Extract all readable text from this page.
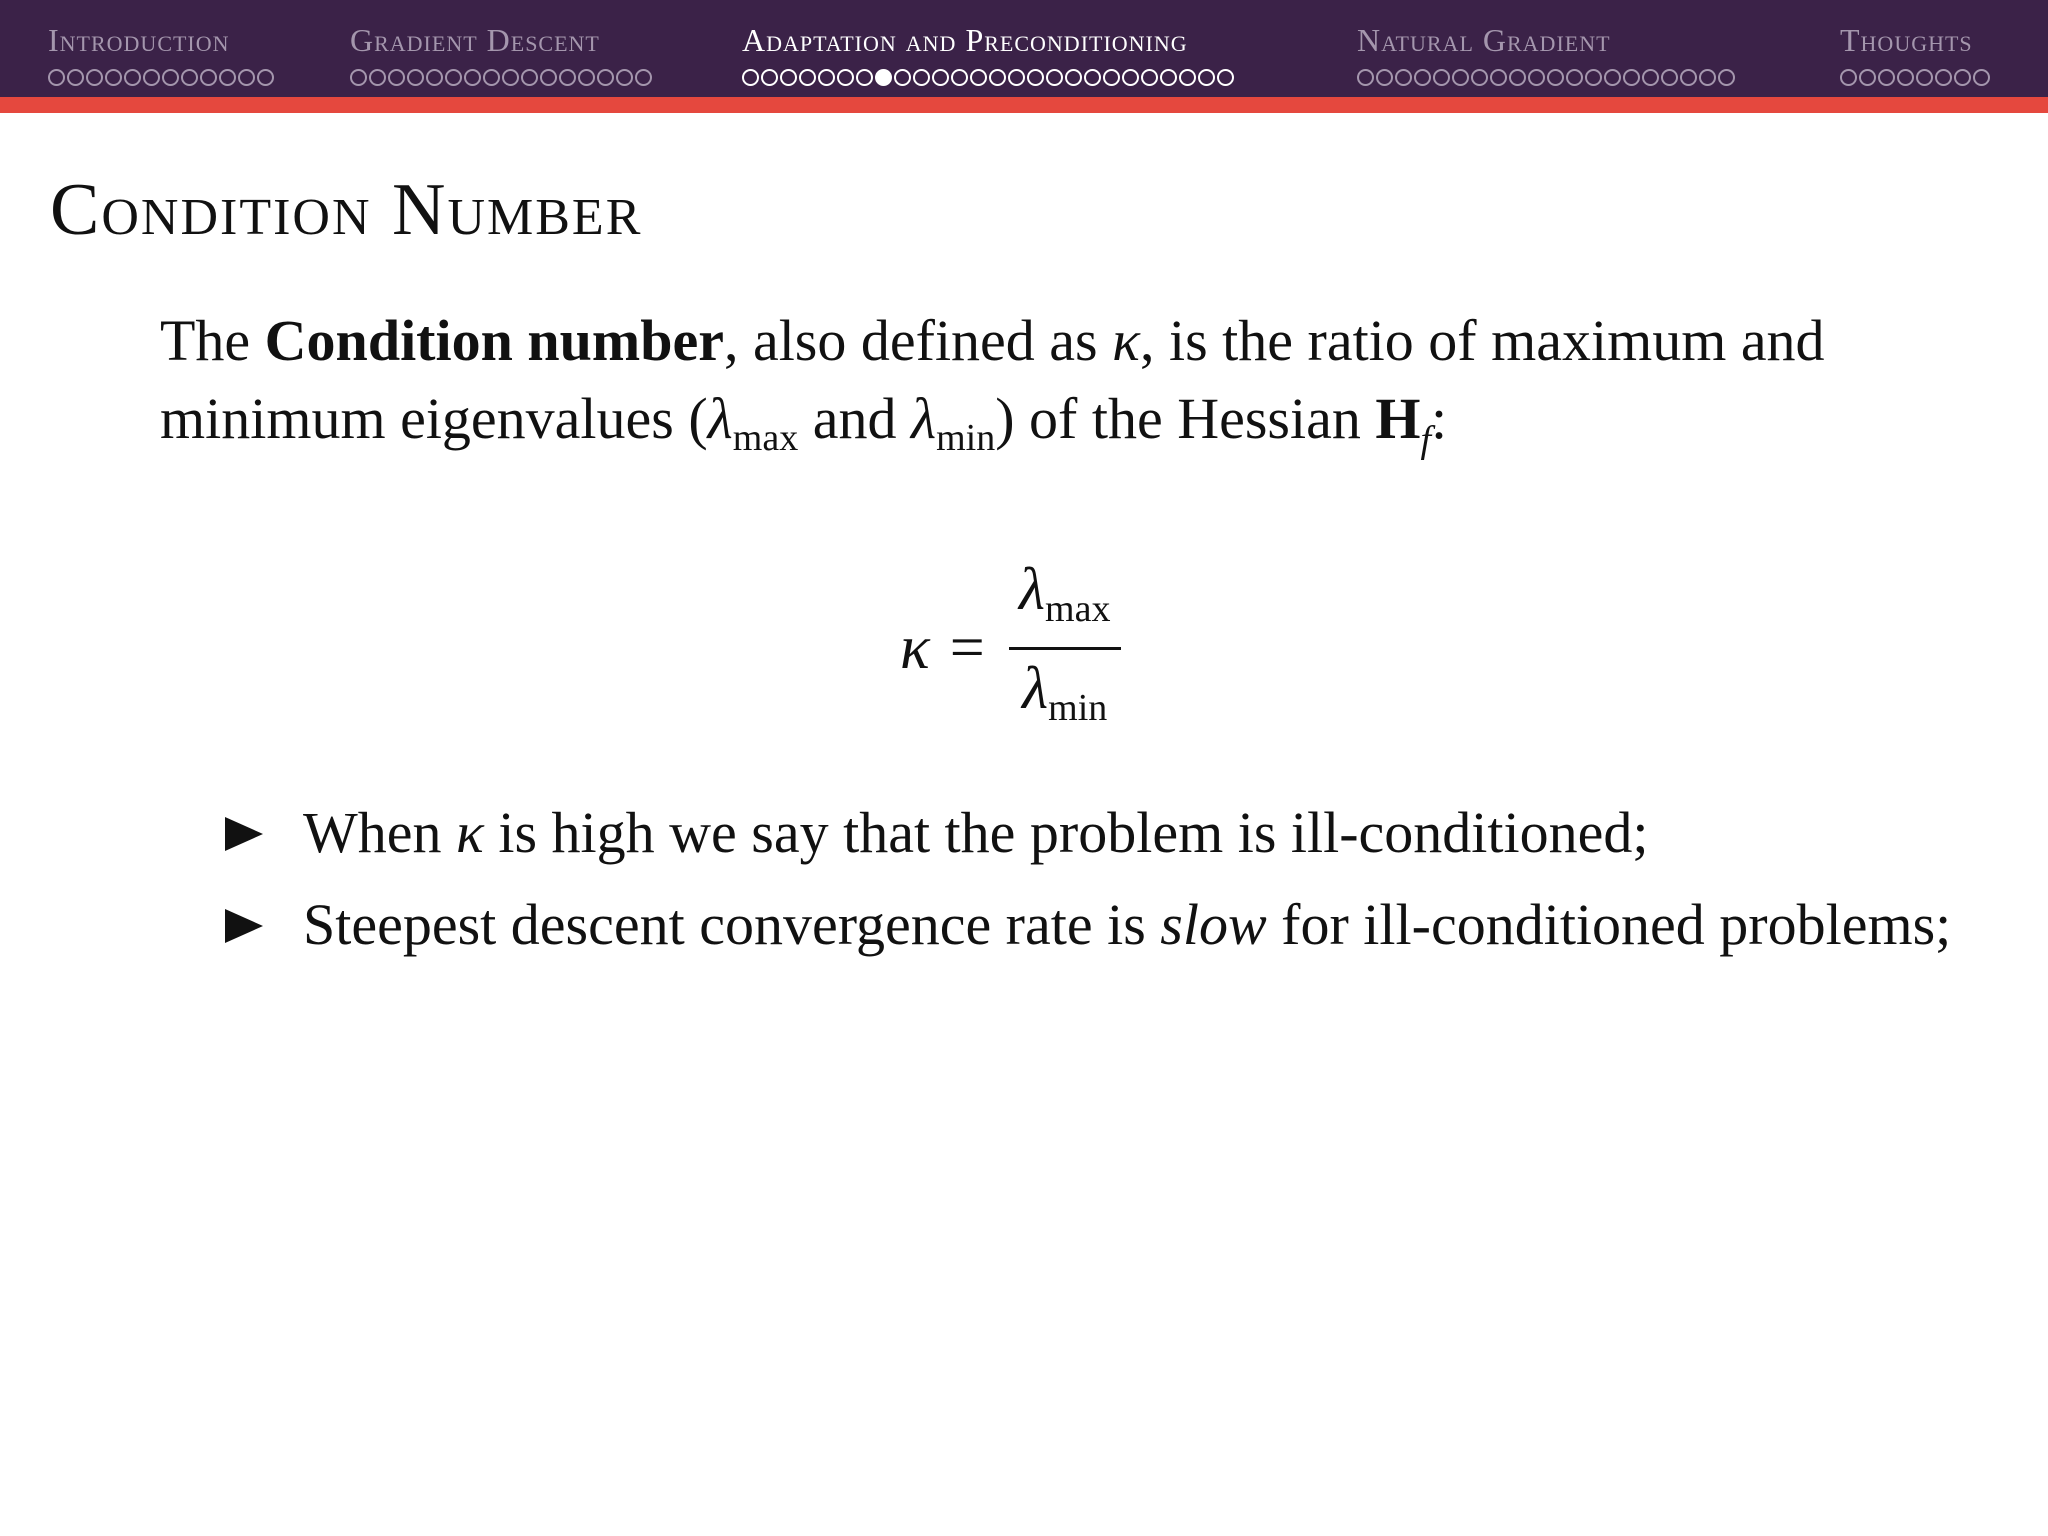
Introduction	Gradient Descent	Adaptation and Preconditioning	Natural Gradient	Thoughts
Condition Number
The Condition number, also defined as κ, is the ratio of maximum and minimum eigenvalues ($\lambda_{max}$ and $\lambda_{min}$) of the Hessian $H_f$:
$\kappa = \frac{\lambda_{max}}{\lambda_{min}}$
When κ is high we say that the problem is ill-conditioned;
Steepest descent convergence rate is slow for ill-conditioned problems;
